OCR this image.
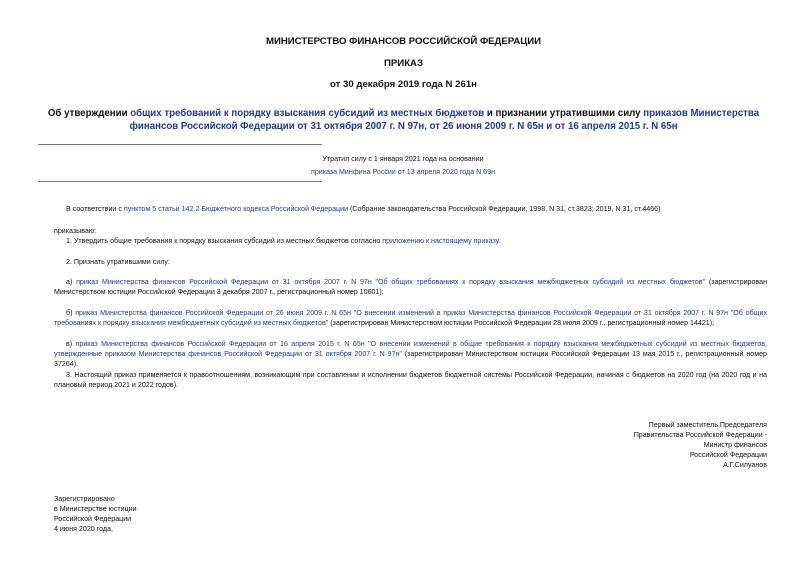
МИНИСТЕРСТВО ФИНАНСОВ РОССИЙСКОЙ ФЕДЕРАЦИИ
ПРИКАЗ
от 30 декабря 2019 года N 261н
Об утверждении общих требований к порядку взыскания субсидий из местных бюджетов и признании утратившими силу приказов Министерства финансов Российской Федерации от 31 октября 2007 г. N 97н, от 26 июня 2009 г. N 65н и от 16 апреля 2015 г. N 65н
Утратил силу с 1 января 2021 года на основании
приказа Минфина России от 13 апреля 2020 года N 69н
В соответствии с пунктом 5 статьи 142.2 Бюджетного кодекса Российской Федерации (Собрание законодательства Российской Федерации, 1998, N 31, ст.3823; 2019, N 31, ст.4466)
приказываю:
1. Утвердить общие требования к порядку взыскания субсидий из местных бюджетов согласно приложению к настоящему приказу.
2. Признать утратившими силу:
а) приказ Министерства финансов Российской Федерации от 31 октября 2007 г. N 97н "Об общих требованиях к порядку взыскания межбюджетных субсидий из местных бюджетов" (зарегистрирован Министерством юстиции Российской Федерации 3 декабря 2007 г., регистрационный номер 10601);
б) приказ Министерства финансов Российской Федерации от 26 июня 2009 г. N 65н "О внесении изменений в приказ Министерства финансов Российской Федерации от 31 октября 2007 г. N 97н "Об общих требованиях к порядку взыскания межбюджетных субсидий из местных бюджетов" (зарегистрирован Министерством юстиции Российской Федерации 28 июля 2009 г., регистрационный номер 14421);
в) приказ Министерства финансов Российской Федерации от 16 апреля 2015 г. N 65н "О внесении изменений в общие требования к порядку взыскания межбюджетных субсидий из местных бюджетов, утвержденные приказом Министерства финансов Российской Федерации от 31 октября 2007 г. N 97н" (зарегистрирован Министерством юстиции Российской Федерации 13 мая 2015 г., регистрационный номер 37264).
3. Настоящий приказ применяется к правоотношениям, возникающим при составлении и исполнении бюджетов бюджетной системы Российской Федерации, начиная с бюджетов на 2020 год (на 2020 год и на плановый период 2021 и 2022 годов).
Первый заместитель Председателя
Правительства Российской Федерации -
Министр финансов
Российской Федерации
А.Г.Силуанов
Зарегистрировано
в Министерстве юстиции
Российской Федерации
4 июня 2020 года,
